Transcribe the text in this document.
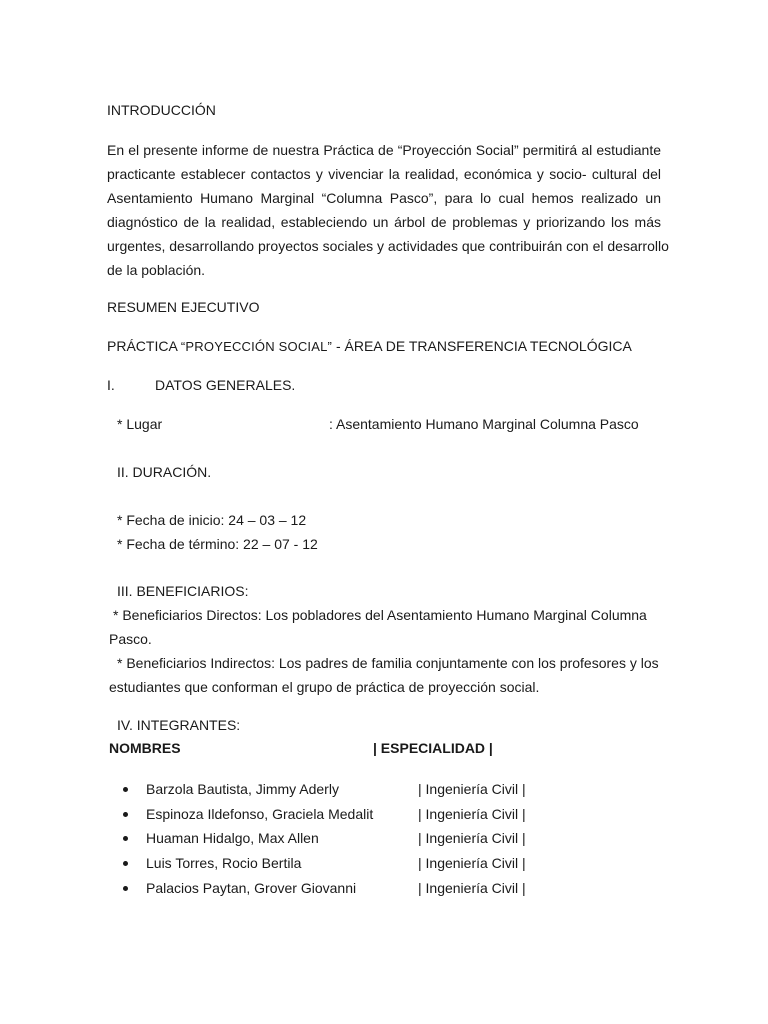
INTRODUCCIÓN
En el presente informe de nuestra Práctica de “Proyección Social” permitirá al estudiante
practicante establecer contactos y vivenciar la realidad, económica y socio- cultural del
Asentamiento Humano Marginal “Columna Pasco”, para lo cual hemos realizado un
diagnóstico de la realidad, estableciendo un árbol de problemas y priorizando los más
urgentes, desarrollando proyectos sociales y actividades que contribuirán con el desarrollo
de la población.
RESUMEN EJECUTIVO
PRÁCTICA “PROYECCIÓN SOCIAL” - ÁREA DE TRANSFERENCIA TECNOLÓGICA
I.	DATOS GENERALES.
* Lugar	: Asentamiento Humano Marginal Columna Pasco
II. DURACIÓN.
* Fecha de inicio: 24 – 03 – 12
* Fecha de término: 22 – 07 - 12
III. BENEFICIARIOS:
* Beneficiarios Directos: Los pobladores del Asentamiento Humano Marginal Columna
Pasco.
* Beneficiarios Indirectos: Los padres de familia conjuntamente con los profesores y los
estudiantes que conforman el grupo de práctica de proyección social.
IV. INTEGRANTES:
NOMBRES	| ESPECIALIDAD |
Barzola Bautista, Jimmy Aderly	| Ingeniería Civil |
Espinoza Ildefonso, Graciela Medalit	| Ingeniería Civil |
Huaman Hidalgo, Max Allen	| Ingeniería Civil |
Luis Torres, Rocio Bertila	| Ingeniería Civil |
Palacios Paytan, Grover Giovanni	| Ingeniería Civil |
